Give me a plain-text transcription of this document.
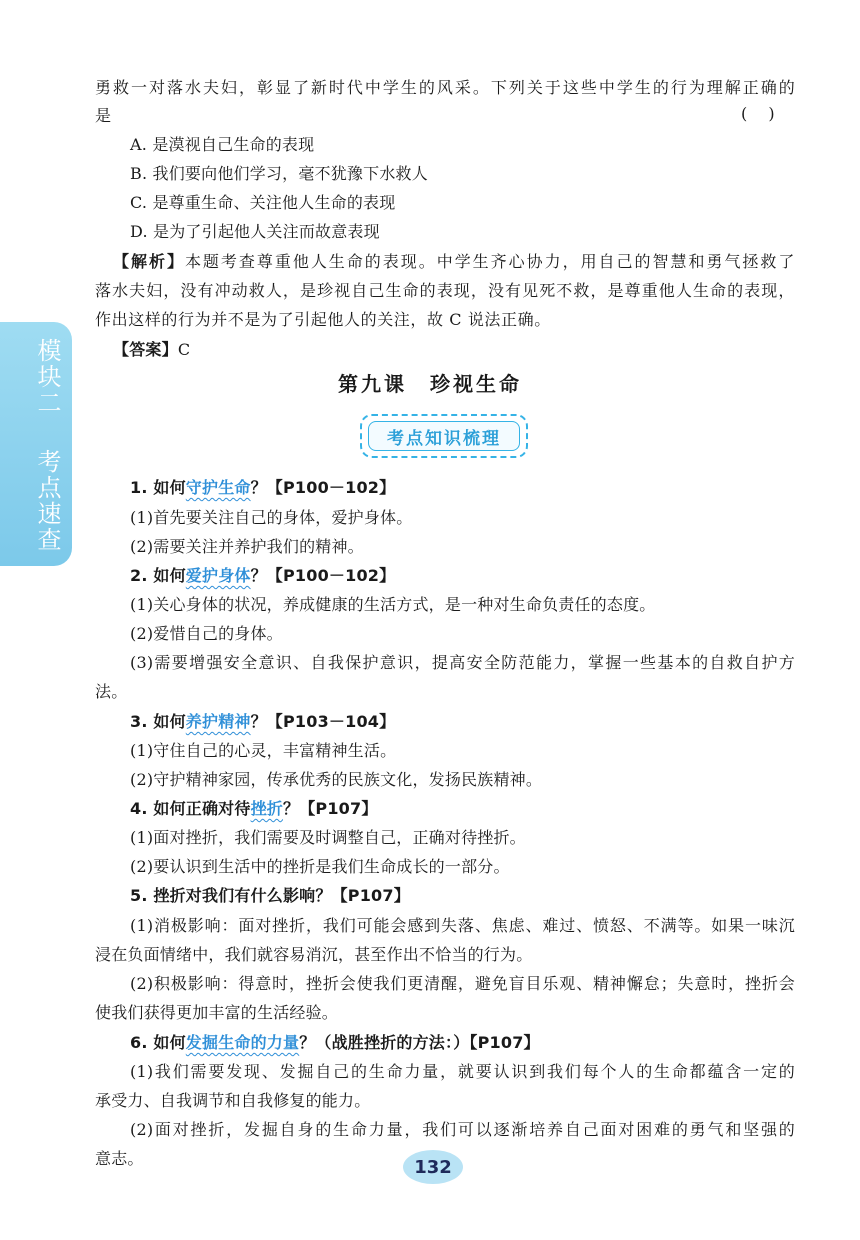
勇救一对落水夫妇，彰显了新时代中学生的风采。下列关于这些中学生的行为理解正确的
是	( )
A. 是漠视自己生命的表现
B. 我们要向他们学习，毫不犹豫下水救人
C. 是尊重生命、关注他人生命的表现
D. 是为了引起他人关注而故意表现
【解析】本题考查尊重他人生命的表现。中学生齐心协力，用自己的智慧和勇气拯救了
落水夫妇，没有冲动救人，是珍视自己生命的表现，没有见死不救，是尊重他人生命的表现，
作出这样的行为并不是为了引起他人的关注，故 C 说法正确。
【答案】C
模块二  考点速查
第九课　珍视生命
考点知识梳理
1. 如何守护生命？【P100－102】
(1)首先要关注自己的身体，爱护身体。
(2)需要关注并养护我们的精神。
2. 如何爱护身体？【P100－102】
(1)关心身体的状况，养成健康的生活方式，是一种对生命负责任的态度。
(2)爱惜自己的身体。
(3)需要增强安全意识、自我保护意识，提高安全防范能力，掌握一些基本的自救自护方
法。
3. 如何养护精神？【P103－104】
(1)守住自己的心灵，丰富精神生活。
(2)守护精神家园，传承优秀的民族文化，发扬民族精神。
4. 如何正确对待挫折？【P107】
(1)面对挫折，我们需要及时调整自己，正确对待挫折。
(2)要认识到生活中的挫折是我们生命成长的一部分。
5. 挫折对我们有什么影响？【P107】
(1)消极影响：面对挫折，我们可能会感到失落、焦虑、难过、愤怒、不满等。如果一味沉
浸在负面情绪中，我们就容易消沉，甚至作出不恰当的行为。
(2)积极影响：得意时，挫折会使我们更清醒，避免盲目乐观、精神懈怠；失意时，挫折会
使我们获得更加丰富的生活经验。
6. 如何发掘生命的力量？（战胜挫折的方法：）【P107】
(1)我们需要发现、发掘自己的生命力量，就要认识到我们每个人的生命都蕴含一定的
承受力、自我调节和自我修复的能力。
(2)面对挫折，发掘自身的生命力量，我们可以逐渐培养自己面对困难的勇气和坚强的
意志。	132
